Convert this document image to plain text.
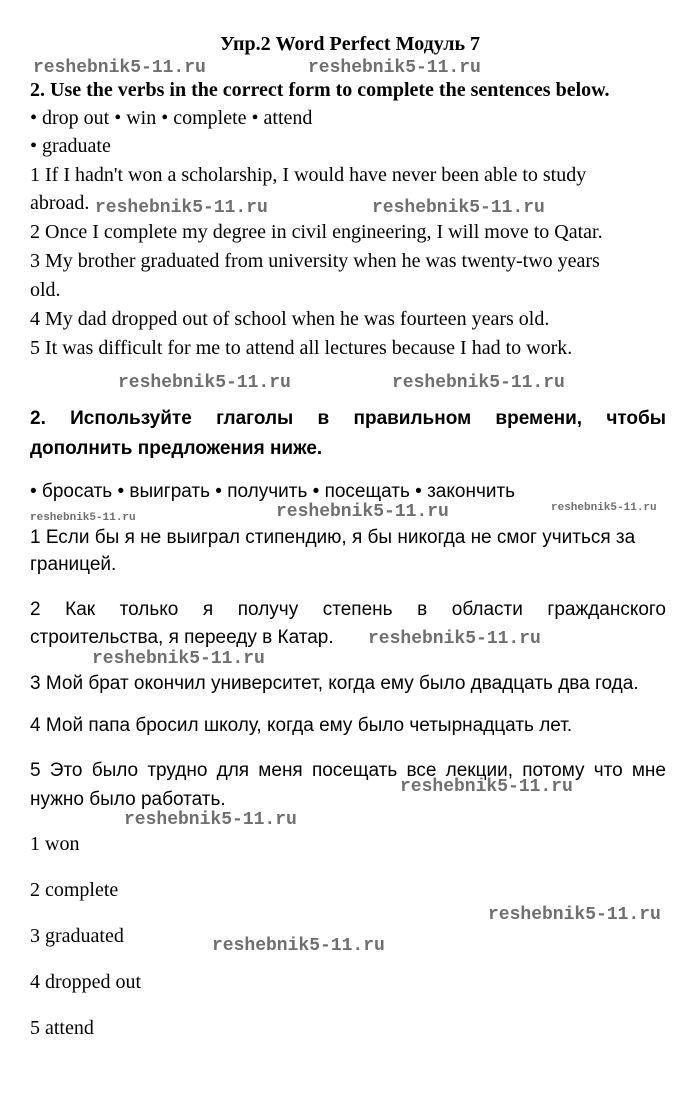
Упр.2 Word Perfect Модуль 7
2. Use the verbs in the correct form to complete the sentences below.
• drop out • win • complete • attend
• graduate
1 If I hadn't won a scholarship, I would have never been able to study
abroad.
2 Once I complete my degree in civil engineering, I will move to Qatar.
3 My brother graduated from university when he was twenty-two years
old.
4 My dad dropped out of school when he was fourteen years old.
5 It was difficult for me to attend all lectures because I had to work.
2. Используйте глаголы в правильном времени, чтобы
дополнить предложения ниже.
• бросать • выиграть • получить • посещать • закончить
1 Если бы я не выиграл стипендию, я бы никогда не смог учиться за
границей.
2 Как только я получу степень в области гражданского
строительства, я перееду в Катар.
3 Мой брат окончил университет, когда ему было двадцать два года.
4 Мой папа бросил школу, когда ему было четырнадцать лет.
5 Это было трудно для меня посещать все лекции, потому что мне
нужно было работать.
1 won
2 complete
3 graduated
4 dropped out
5 attend
reshebnik5-11.ru	reshebnik5-11.ru
reshebnik5-11.ru	reshebnik5-11.ru
reshebnik5-11.ru	reshebnik5-11.ru
reshebnik5-11.ru
reshebnik5-11.ru	reshebnik5-11.ru
reshebnik5-11.ru
reshebnik5-11.ru
reshebnik5-11.ru
reshebnik5-11.ru
reshebnik5-11.ru
reshebnik5-11.ru
